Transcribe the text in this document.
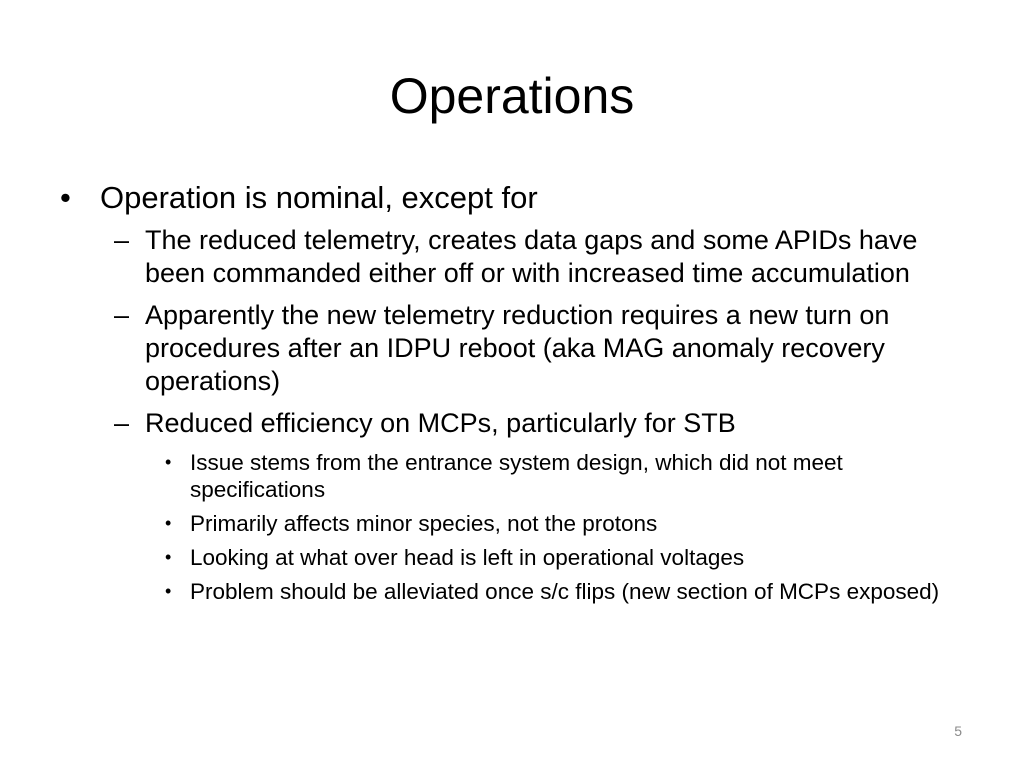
Operations
• Operation is nominal, except for
– The reduced telemetry, creates data gaps and some APIDs have been commanded either off or with increased time accumulation
– Apparently the new telemetry reduction requires a new turn on procedures after an IDPU reboot (aka MAG anomaly recovery operations)
– Reduced efficiency on MCPs, particularly for STB
• Issue stems from the entrance system design, which did not meet specifications
• Primarily affects minor species, not the protons
• Looking at what over head is left in operational voltages
• Problem should be alleviated once s/c flips (new section of MCPs exposed)
5
